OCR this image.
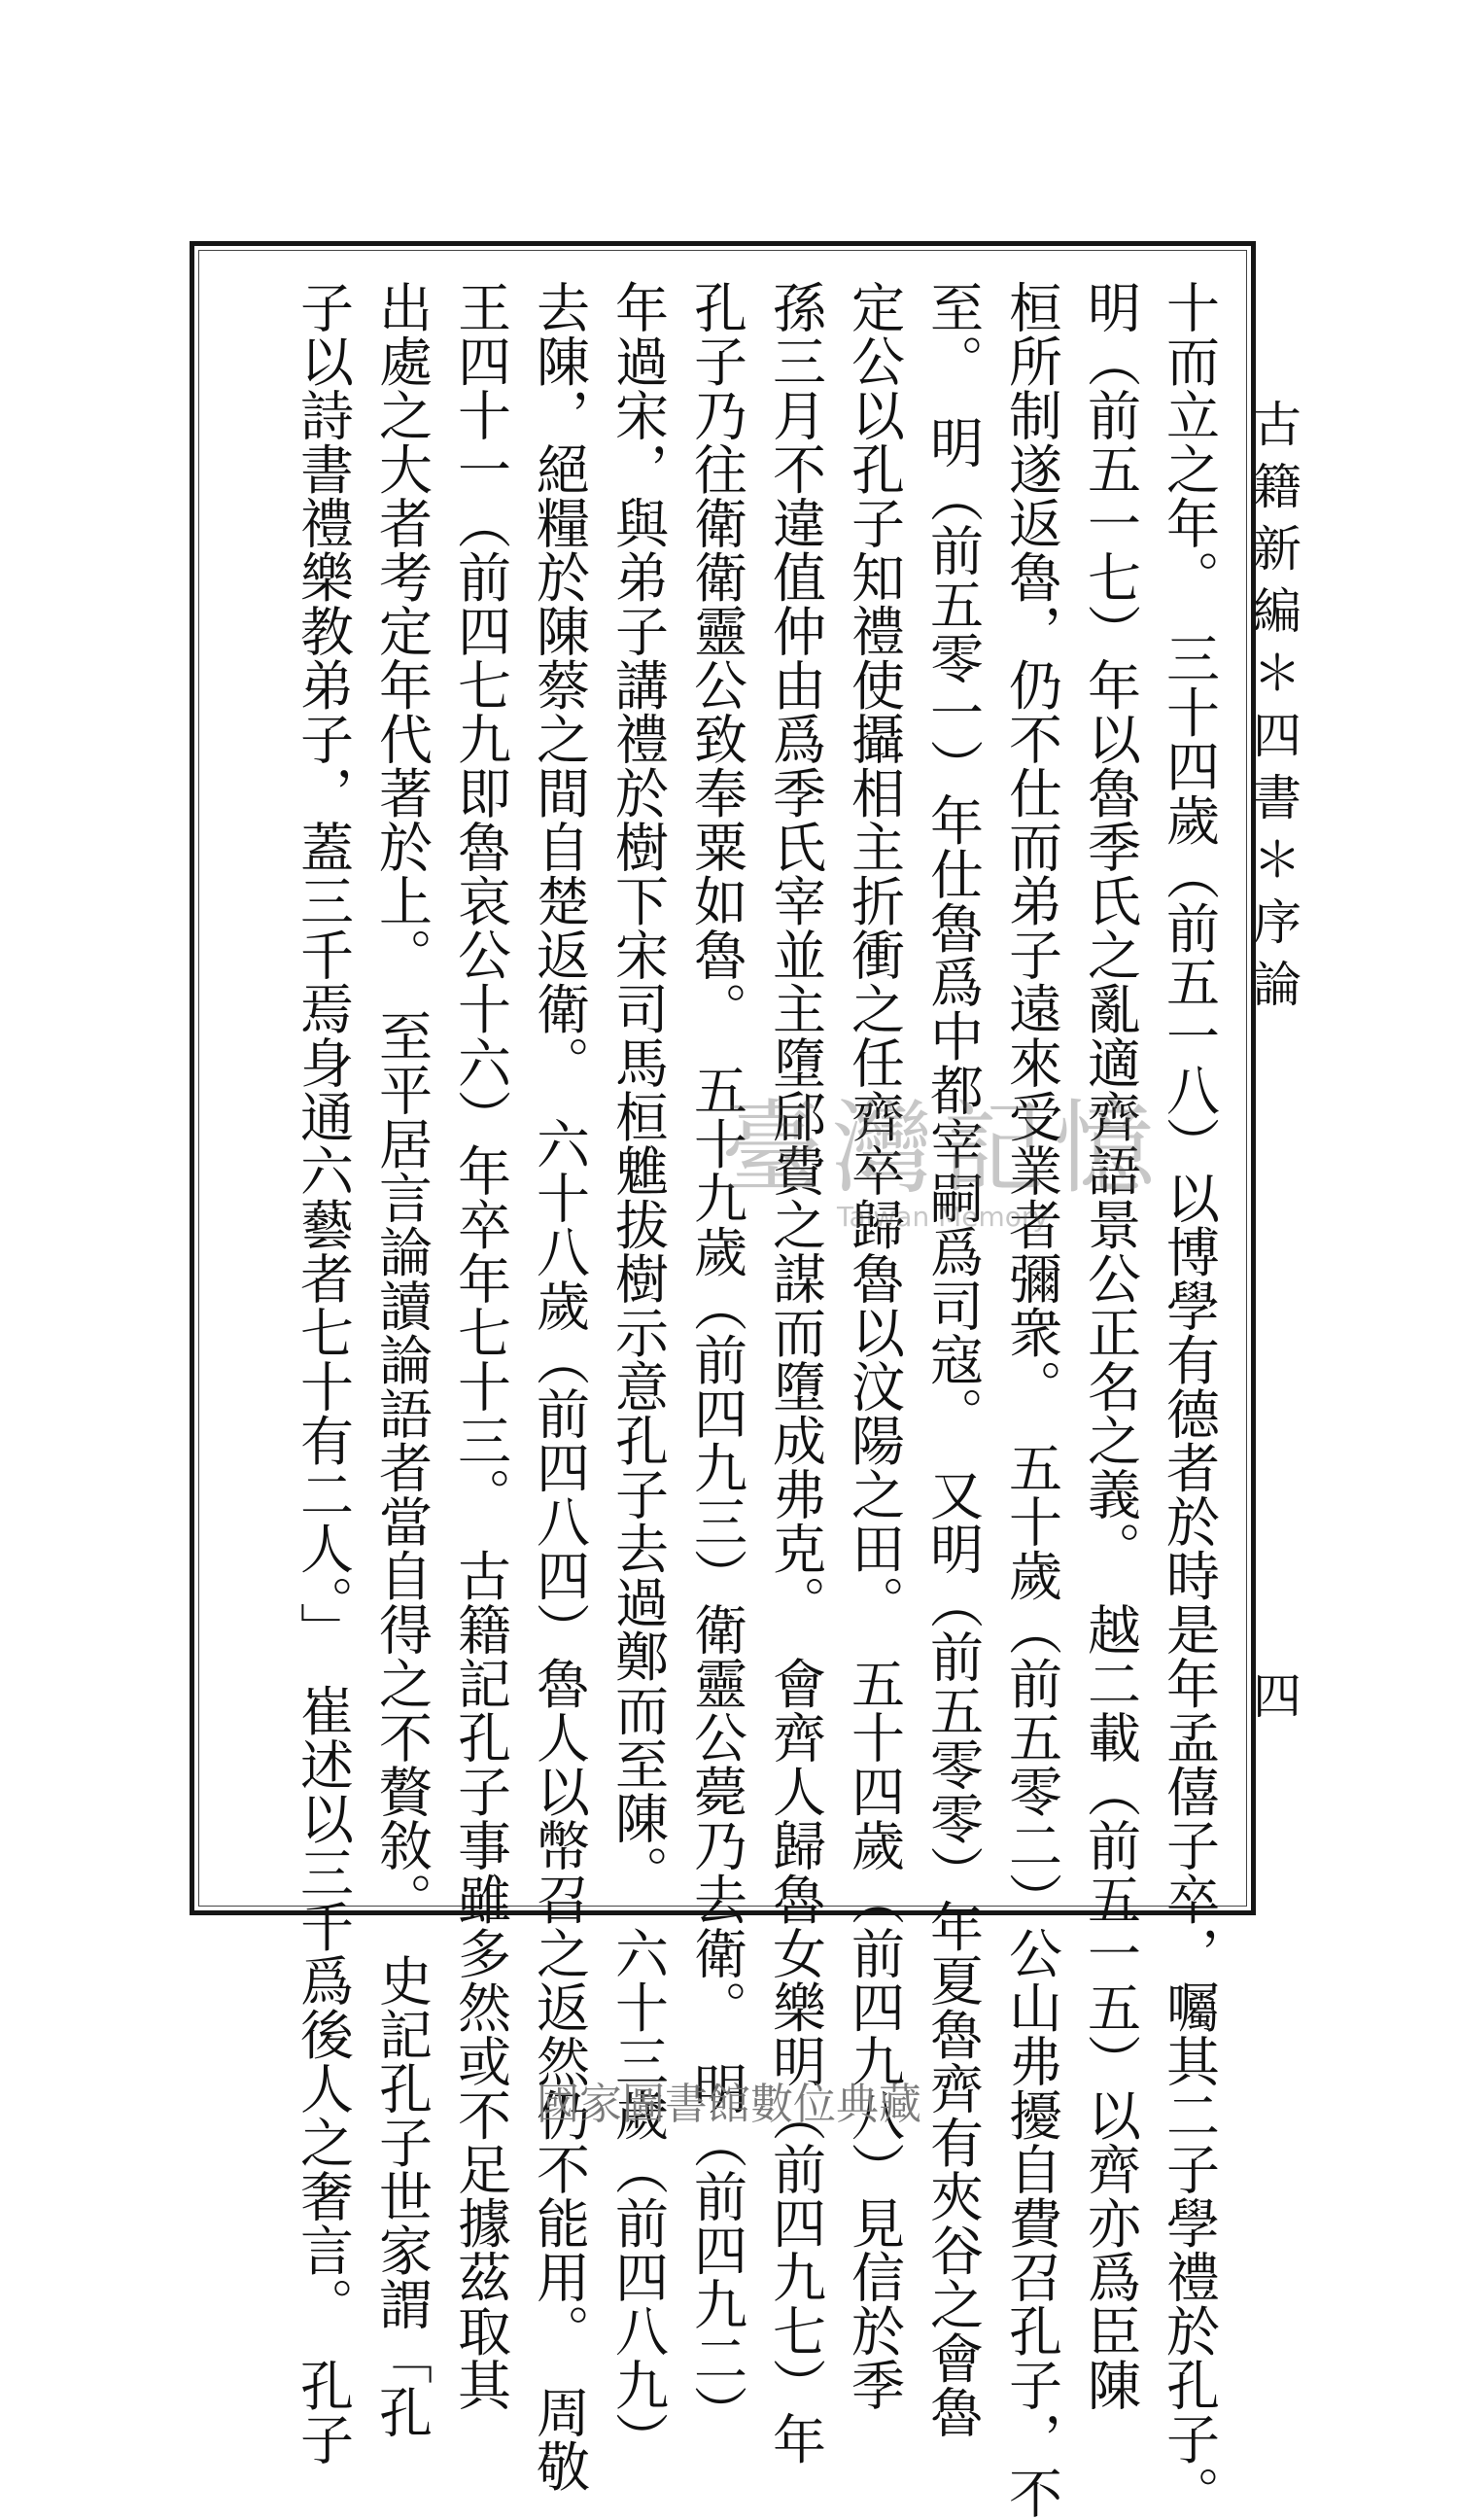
古籍新編＊四書＊序論
四
十而立之年。　三十四歲（前五一八）以博學有德者於時是年孟僖子卒，囑其二子學禮於孔子。
明（前五一七）年以魯季氏之亂適齊語景公正名之義。　越二載（前五一五）以齊亦爲臣陳
桓所制遂返魯，仍不仕而弟子遠來受業者彌衆。　五十歲（前五零二）公山弗擾自費召孔子，不
至。　明（前五零一）年仕魯爲中都宰嗣爲司寇。　又明（前五零零）年夏魯齊有夾谷之會魯
定公以孔子知禮使攝相主折衝之任齊卒歸魯以汶陽之田。　五十四歲（前四九八）見信於季
孫三月不違值仲由爲季氏宰並主墮郈費之謀而墮成弗克。　會齊人歸魯女樂明（前四九七）年
孔子乃往衛衛靈公致奉粟如魯。　五十九歲（前四九三）衛靈公薨乃去衛。　明（前四九二）
年過宋，與弟子講禮於樹下宋司馬桓魋拔樹示意孔子去過鄭而至陳。　六十三歲（前四八九）
去陳，絕糧於陳蔡之間自楚返衛。　六十八歲（前四八四）魯人以幣召之返然仍不能用。　周敬
王四十一（前四七九即魯哀公十六）年卒年七十三。　古籍記孔子事雖多然或不足據茲取其
出處之大者考定年代著於上。　至平居言論讀論語者當自得之不贅敘。　史記孔子世家謂「孔
子以詩書禮樂教弟子，蓋三千焉身通六藝者七十有二人。」　崔述以三千爲後人之奢言。　孔子	臺灣記憶
Taiwan Memory
國家圖書館數位典藏
